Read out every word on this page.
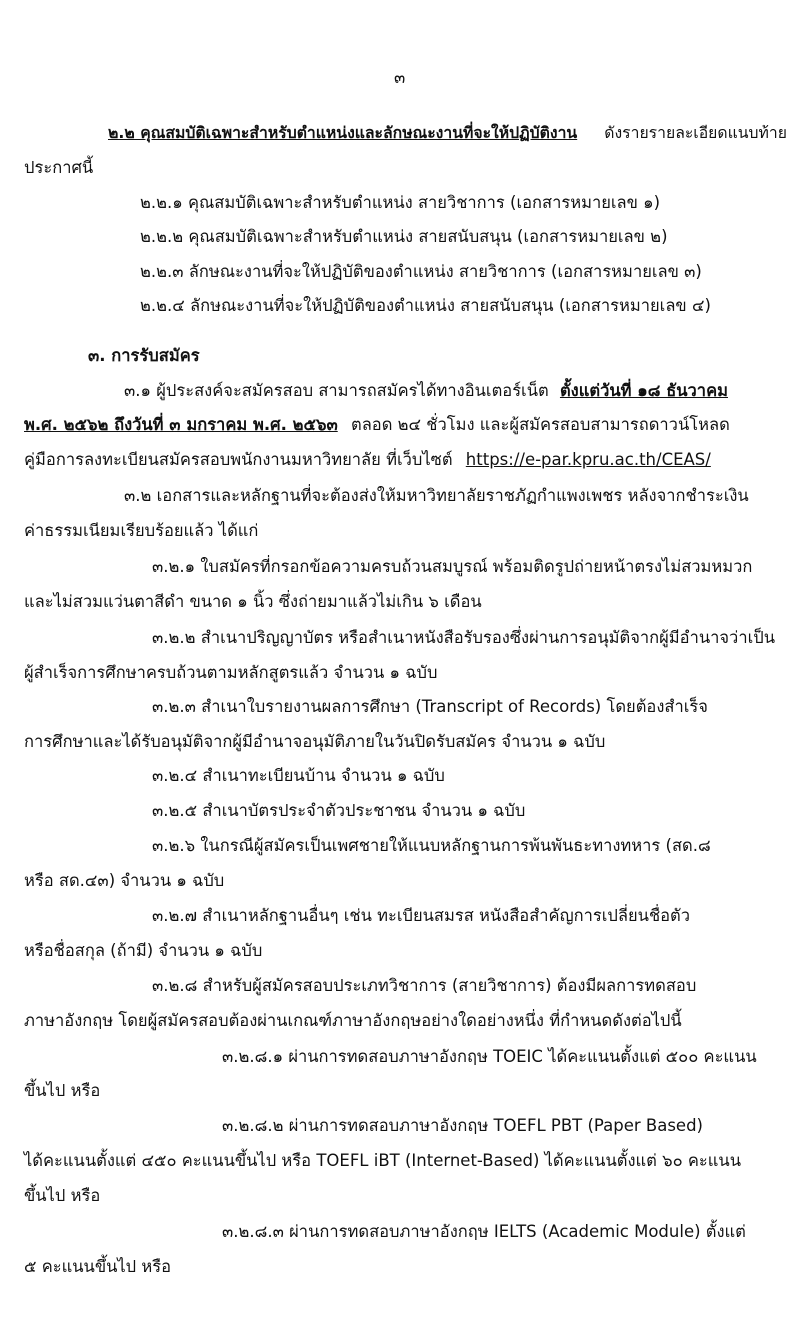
๓
๒.๒ คุณสมบัติเฉพาะสำหรับตำแหน่งและลักษณะงานที่จะให้ปฏิบัติงาน ดังรายรายละเอียดแนบท้าย
ประกาศนี้
๒.๒.๑ คุณสมบัติเฉพาะสำหรับตำแหน่ง สายวิชาการ (เอกสารหมายเลข ๑)
๒.๒.๒ คุณสมบัติเฉพาะสำหรับตำแหน่ง สายสนับสนุน (เอกสารหมายเลข ๒)
๒.๒.๓ ลักษณะงานที่จะให้ปฏิบัติของตำแหน่ง สายวิชาการ (เอกสารหมายเลข ๓)
๒.๒.๔ ลักษณะงานที่จะให้ปฏิบัติของตำแหน่ง สายสนับสนุน (เอกสารหมายเลข ๔)
๓. การรับสมัคร
๓.๑ ผู้ประสงค์จะสมัครสอบ สามารถสมัครได้ทางอินเตอร์เน็ต ตั้งแต่วันที่ ๑๘ ธันวาคม
พ.ศ. ๒๕๖๒ ถึงวันที่ ๓ มกราคม พ.ศ. ๒๕๖๓ ตลอด ๒๔ ชั่วโมง และผู้สมัครสอบสามารถดาวน์โหลด
คู่มือการลงทะเบียนสมัครสอบพนักงานมหาวิทยาลัย ที่เว็บไซต์ https://e-par.kpru.ac.th/CEAS/
๓.๒ เอกสารและหลักฐานที่จะต้องส่งให้มหาวิทยาลัยราชภัฏกำแพงเพชร หลังจากชำระเงิน
ค่าธรรมเนียมเรียบร้อยแล้ว ได้แก่
๓.๒.๑ ใบสมัครที่กรอกข้อความครบถ้วนสมบูรณ์ พร้อมติดรูปถ่ายหน้าตรงไม่สวมหมวก
และไม่สวมแว่นตาสีดำ ขนาด ๑ นิ้ว ซึ่งถ่ายมาแล้วไม่เกิน ๖ เดือน
๓.๒.๒ สำเนาปริญญาบัตร หรือสำเนาหนังสือรับรองซึ่งผ่านการอนุมัติจากผู้มีอำนาจว่าเป็น
ผู้สำเร็จการศึกษาครบถ้วนตามหลักสูตรแล้ว จำนวน ๑ ฉบับ
๓.๒.๓ สำเนาใบรายงานผลการศึกษา (Transcript of Records) โดยต้องสำเร็จ
การศึกษาและได้รับอนุมัติจากผู้มีอำนาจอนุมัติภายในวันปิดรับสมัคร จำนวน ๑ ฉบับ
๓.๒.๔ สำเนาทะเบียนบ้าน จำนวน ๑ ฉบับ
๓.๒.๕ สำเนาบัตรประจำตัวประชาชน จำนวน ๑ ฉบับ
๓.๒.๖ ในกรณีผู้สมัครเป็นเพศชายให้แนบหลักฐานการพ้นพันธะทางทหาร (สด.๘
หรือ สด.๔๓) จำนวน ๑ ฉบับ
๓.๒.๗ สำเนาหลักฐานอื่นๆ เช่น ทะเบียนสมรส หนังสือสำคัญการเปลี่ยนชื่อตัว
หรือชื่อสกุล (ถ้ามี) จำนวน ๑ ฉบับ
๓.๒.๘ สำหรับผู้สมัครสอบประเภทวิชาการ (สายวิชาการ) ต้องมีผลการทดสอบ
ภาษาอังกฤษ โดยผู้สมัครสอบต้องผ่านเกณฑ์ภาษาอังกฤษอย่างใดอย่างหนึ่ง ที่กำหนดดังต่อไปนี้
๓.๒.๘.๑ ผ่านการทดสอบภาษาอังกฤษ TOEIC ได้คะแนนตั้งแต่ ๕๐๐ คะแนน
ขึ้นไป หรือ
๓.๒.๘.๒ ผ่านการทดสอบภาษาอังกฤษ TOEFL PBT (Paper Based)
ได้คะแนนตั้งแต่ ๔๕๐ คะแนนขึ้นไป หรือ TOEFL iBT (Internet-Based) ได้คะแนนตั้งแต่ ๖๐ คะแนน
ขึ้นไป หรือ
๓.๒.๘.๓ ผ่านการทดสอบภาษาอังกฤษ IELTS (Academic Module) ตั้งแต่
๕ คะแนนขึ้นไป หรือ
